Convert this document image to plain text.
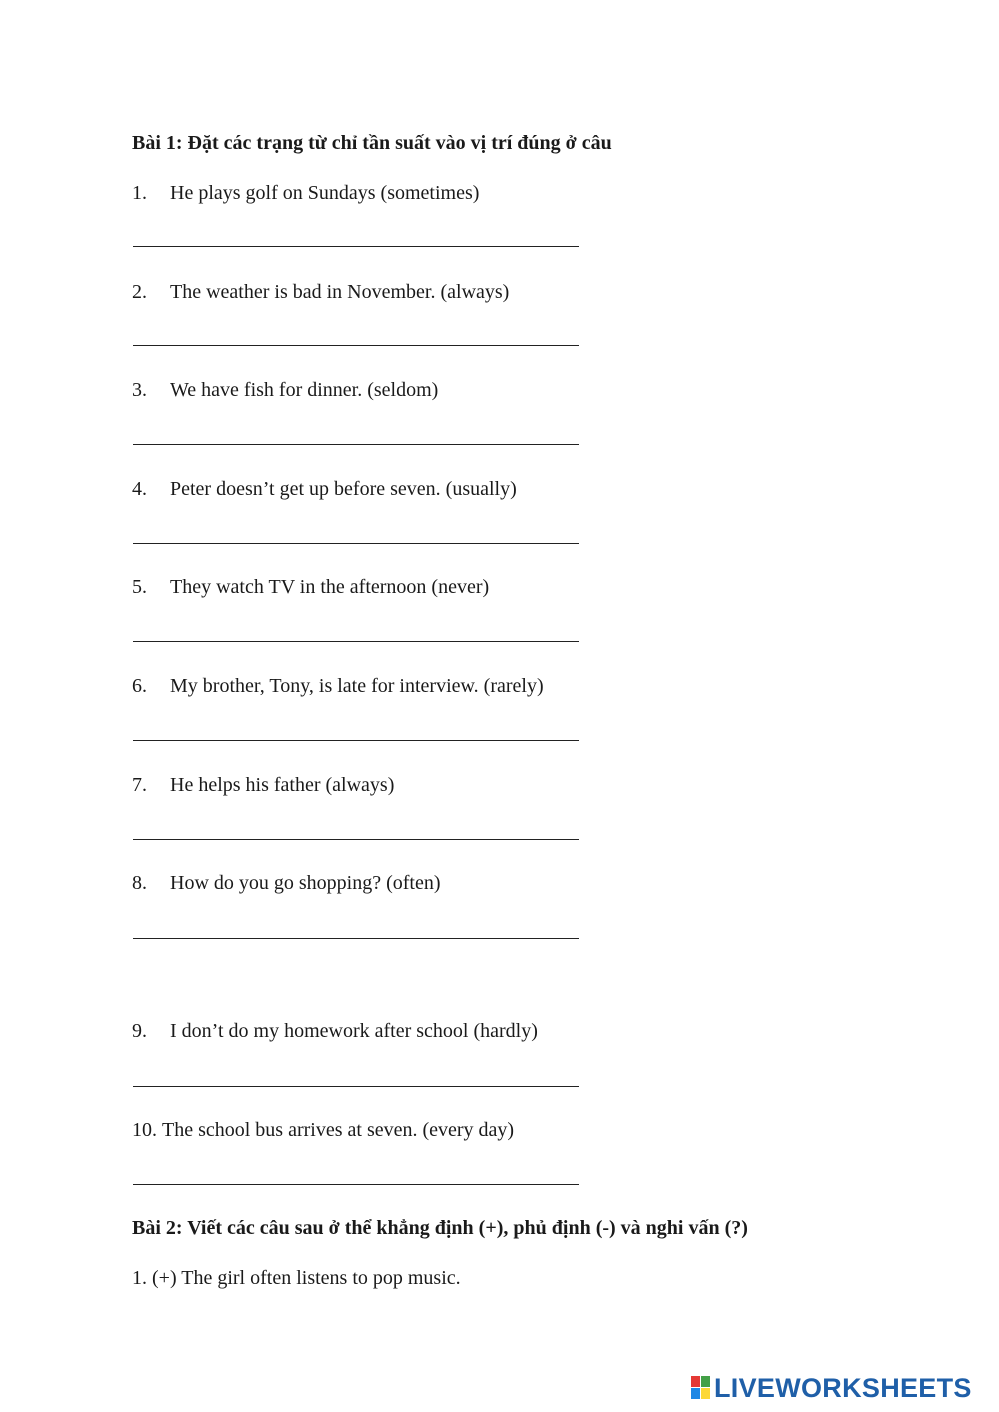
Bài 1: Đặt các trạng từ chỉ tần suất vào vị trí đúng ở câu
1. He plays golf on Sundays (sometimes)
2. The weather is bad in November. (always)
3. We have fish for dinner. (seldom)
4. Peter doesn’t get up before seven. (usually)
5. They watch TV in the afternoon (never)
6. My brother, Tony, is late for interview. (rarely)
7. He helps his father (always)
8. How do you go shopping? (often)
9. I don’t do my homework after school (hardly)
10. The school bus arrives at seven. (every day)
Bài 2: Viết các câu sau ở thể khẳng định (+), phủ định (-) và nghi vấn (?)
1. (+) The girl often listens to pop music.
LIVEWORKSHEETS
